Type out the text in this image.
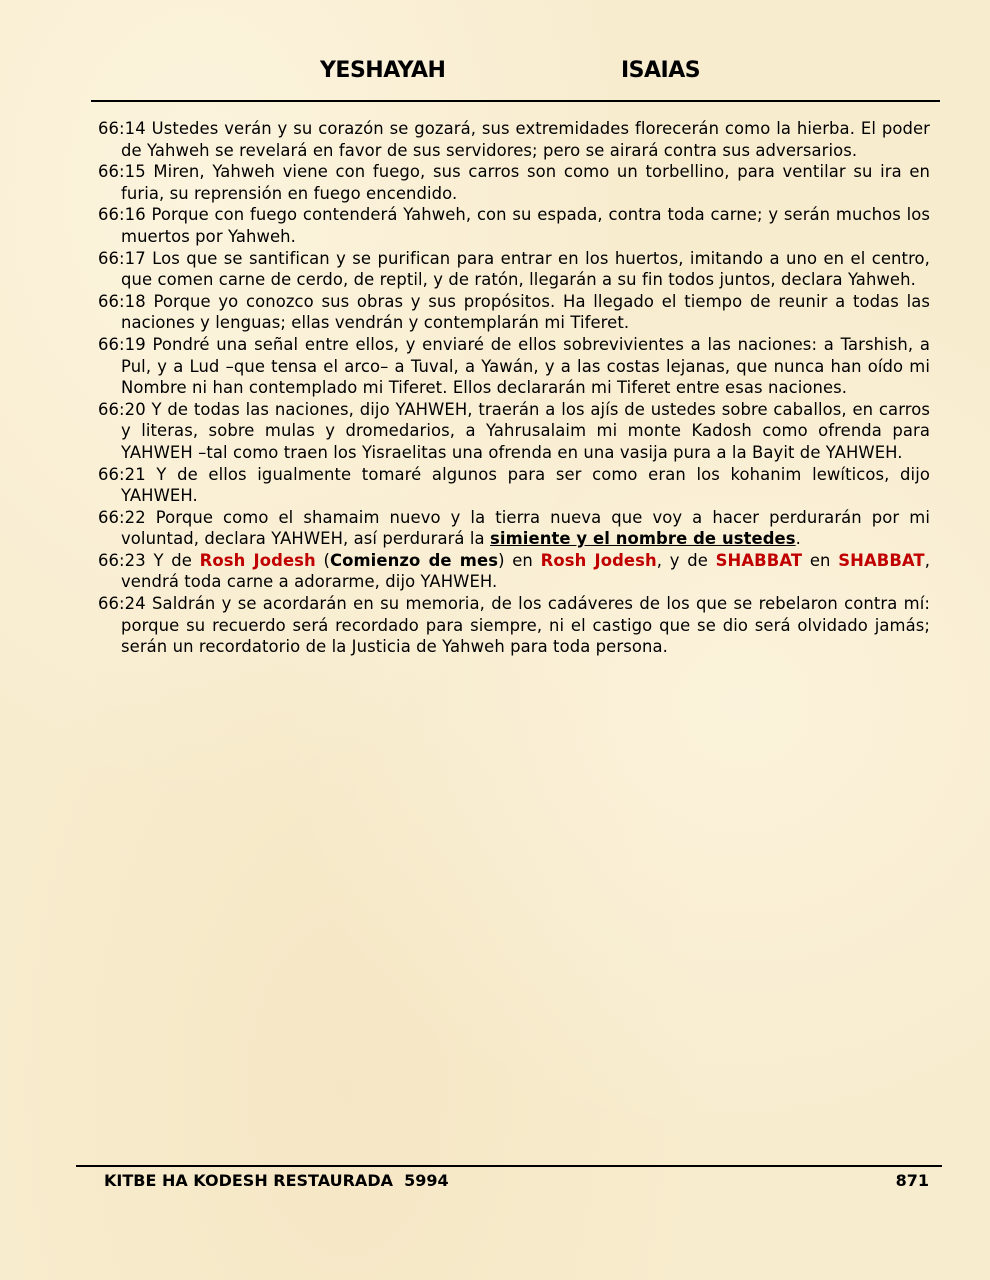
YESHAYAH	ISAIAS

66:14 Ustedes verán y su corazón se gozará, sus extremidades florecerán como la hierba. El poder de Yahweh se revelará en favor de sus servidores; pero se airará contra sus adversarios.

66:15 Miren, Yahweh viene con fuego, sus carros son como un torbellino, para ventilar su ira en furia, su reprensión en fuego encendido.

66:16 Porque con fuego contenderá Yahweh, con su espada, contra toda carne; y serán muchos los muertos por Yahweh.

66:17 Los que se santifican y se purifican para entrar en los huertos, imitando a uno en el centro, que comen carne de cerdo, de reptil, y de ratón, llegarán a su fin todos juntos, declara Yahweh.

66:18 Porque yo conozco sus obras y sus propósitos. Ha llegado el tiempo de reunir a todas las naciones y lenguas; ellas vendrán y contemplarán mi Tiferet.

66:19 Pondré una señal entre ellos, y enviaré de ellos sobrevivientes a las naciones: a Tarshish, a Pul, y a Lud –que tensa el arco– a Tuval, a Yawán, y a las costas lejanas, que nunca han oído mi Nombre ni han contemplado mi Tiferet. Ellos declararán mi Tiferet entre esas naciones.

66:20 Y de todas las naciones, dijo YAHWEH, traerán a los ajís de ustedes sobre caballos, en carros y literas, sobre mulas y dromedarios, a Yahrusalaim mi monte Kadosh como ofrenda para YAHWEH –tal como traen los Yisraelitas una ofrenda en una vasija pura a la Bayit de YAHWEH.

66:21 Y de ellos igualmente tomaré algunos para ser como eran los kohanim lewíticos, dijo YAHWEH.

66:22 Porque como el shamaim nuevo y la tierra nueva que voy a hacer perdurarán por mi voluntad, declara YAHWEH, así perdurará la simiente y el nombre de ustedes.

66:23 Y de Rosh Jodesh (Comienzo de mes) en Rosh Jodesh, y de SHABBAT en SHABBAT, vendrá toda carne a adorarme, dijo YAHWEH.

66:24 Saldrán y se acordarán en su memoria, de los cadáveres de los que se rebelaron contra mí: porque su recuerdo será recordado para siempre, ni el castigo que se dio será olvidado jamás; serán un recordatorio de la Justicia de Yahweh para toda persona.

KITBE HA KODESH RESTAURADA  5994	871
